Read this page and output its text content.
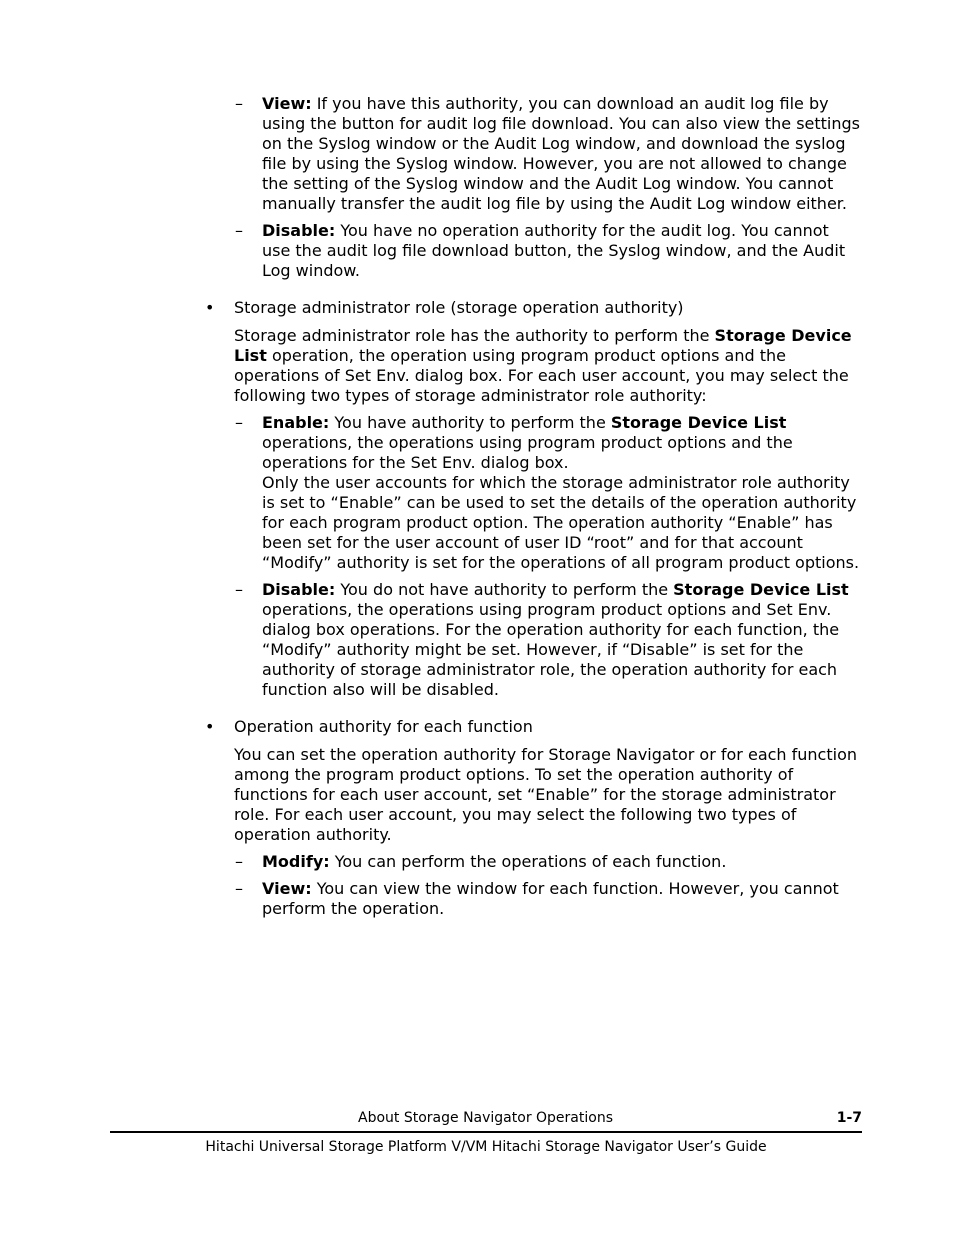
– View: If you have this authority, you can download an audit log file by using the button for audit log file download. You can also view the settings on the Syslog window or the Audit Log window, and download the syslog file by using the Syslog window. However, you are not allowed to change the setting of the Syslog window and the Audit Log window. You cannot manually transfer the audit log file by using the Audit Log window either.
– Disable: You have no operation authority for the audit log. You cannot use the audit log file download button, the Syslog window, and the Audit Log window.
• Storage administrator role (storage operation authority)
Storage administrator role has the authority to perform the Storage Device List operation, the operation using program product options and the operations of Set Env. dialog box. For each user account, you may select the following two types of storage administrator role authority:
– Enable: You have authority to perform the Storage Device List operations, the operations using program product options and the operations for the Set Env. dialog box.
Only the user accounts for which the storage administrator role authority is set to “Enable” can be used to set the details of the operation authority for each program product option. The operation authority “Enable” has been set for the user account of user ID “root” and for that account “Modify” authority is set for the operations of all program product options.
– Disable: You do not have authority to perform the Storage Device List operations, the operations using program product options and Set Env. dialog box operations. For the operation authority for each function, the “Modify” authority might be set. However, if “Disable” is set for the authority of storage administrator role, the operation authority for each function also will be disabled.
• Operation authority for each function
You can set the operation authority for Storage Navigator or for each function among the program product options. To set the operation authority of functions for each user account, set “Enable” for the storage administrator role. For each user account, you may select the following two types of operation authority.
– Modify: You can perform the operations of each function.
– View: You can view the window for each function. However, you cannot perform the operation.
About Storage Navigator Operations	1-7
Hitachi Universal Storage Platform V/VM Hitachi Storage Navigator User’s Guide
